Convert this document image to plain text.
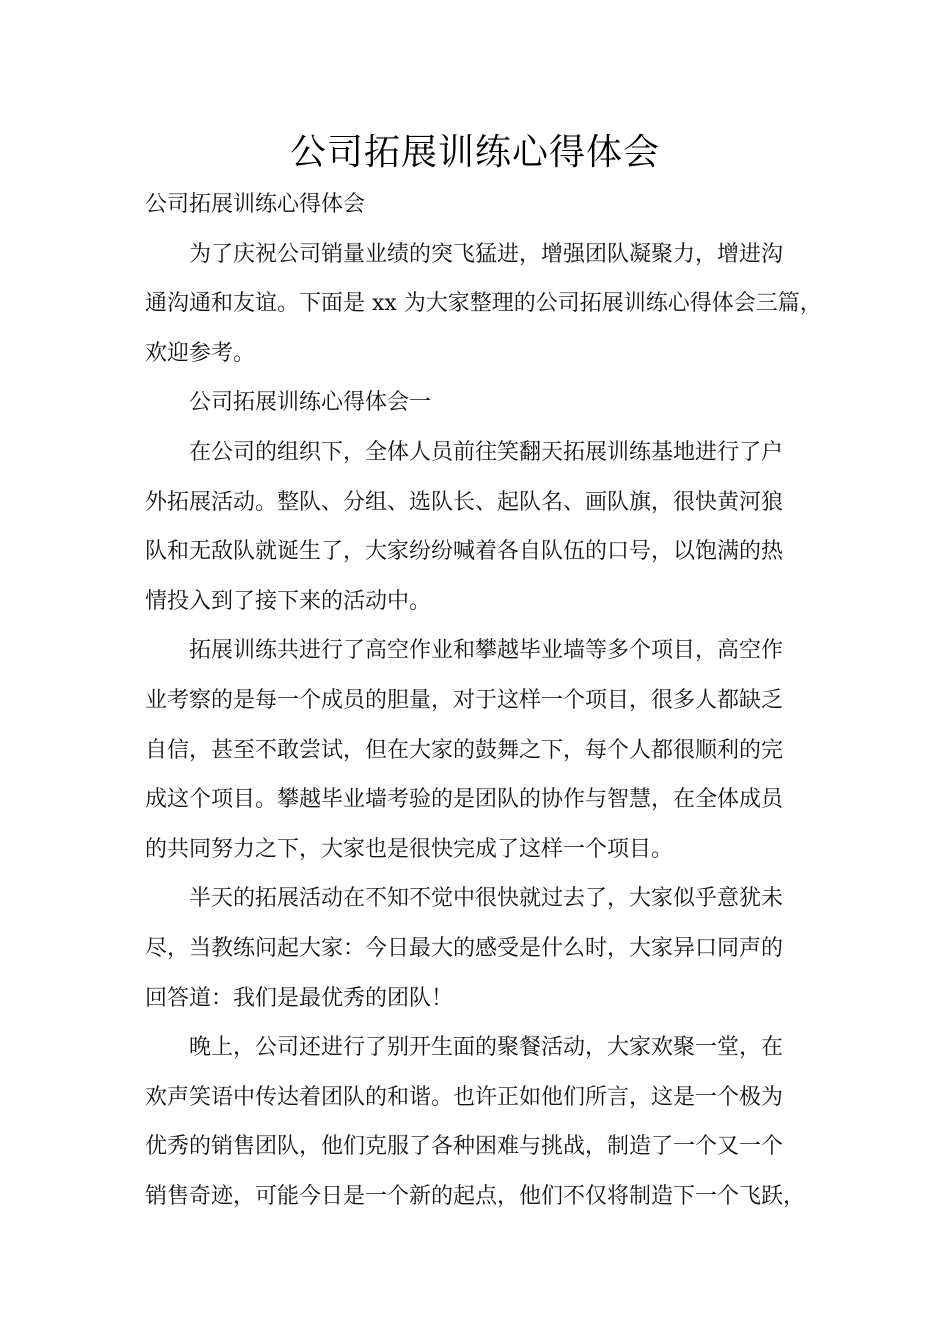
公司拓展训练心得体会
公司拓展训练心得体会
为了庆祝公司销量业绩的突飞猛进，增强团队凝聚力，增进沟
通沟通和友谊。下面是 xx 为大家整理的公司拓展训练心得体会三篇，
欢迎参考。
公司拓展训练心得体会一
在公司的组织下，全体人员前往笑翻天拓展训练基地进行了户
外拓展活动。整队、分组、选队长、起队名、画队旗，很快黄河狼
队和无敌队就诞生了，大家纷纷喊着各自队伍的口号，以饱满的热
情投入到了接下来的活动中。
拓展训练共进行了高空作业和攀越毕业墙等多个项目，高空作
业考察的是每一个成员的胆量，对于这样一个项目，很多人都缺乏
自信，甚至不敢尝试，但在大家的鼓舞之下，每个人都很顺利的完
成这个项目。攀越毕业墙考验的是团队的协作与智慧，在全体成员
的共同努力之下，大家也是很快完成了这样一个项目。
半天的拓展活动在不知不觉中很快就过去了，大家似乎意犹未
尽，当教练问起大家：今日最大的感受是什么时，大家异口同声的
回答道：我们是最优秀的团队！
晚上，公司还进行了别开生面的聚餐活动，大家欢聚一堂，在
欢声笑语中传达着团队的和谐。也许正如他们所言，这是一个极为
优秀的销售团队，他们克服了各种困难与挑战，制造了一个又一个
销售奇迹，可能今日是一个新的起点，他们不仅将制造下一个飞跃，
